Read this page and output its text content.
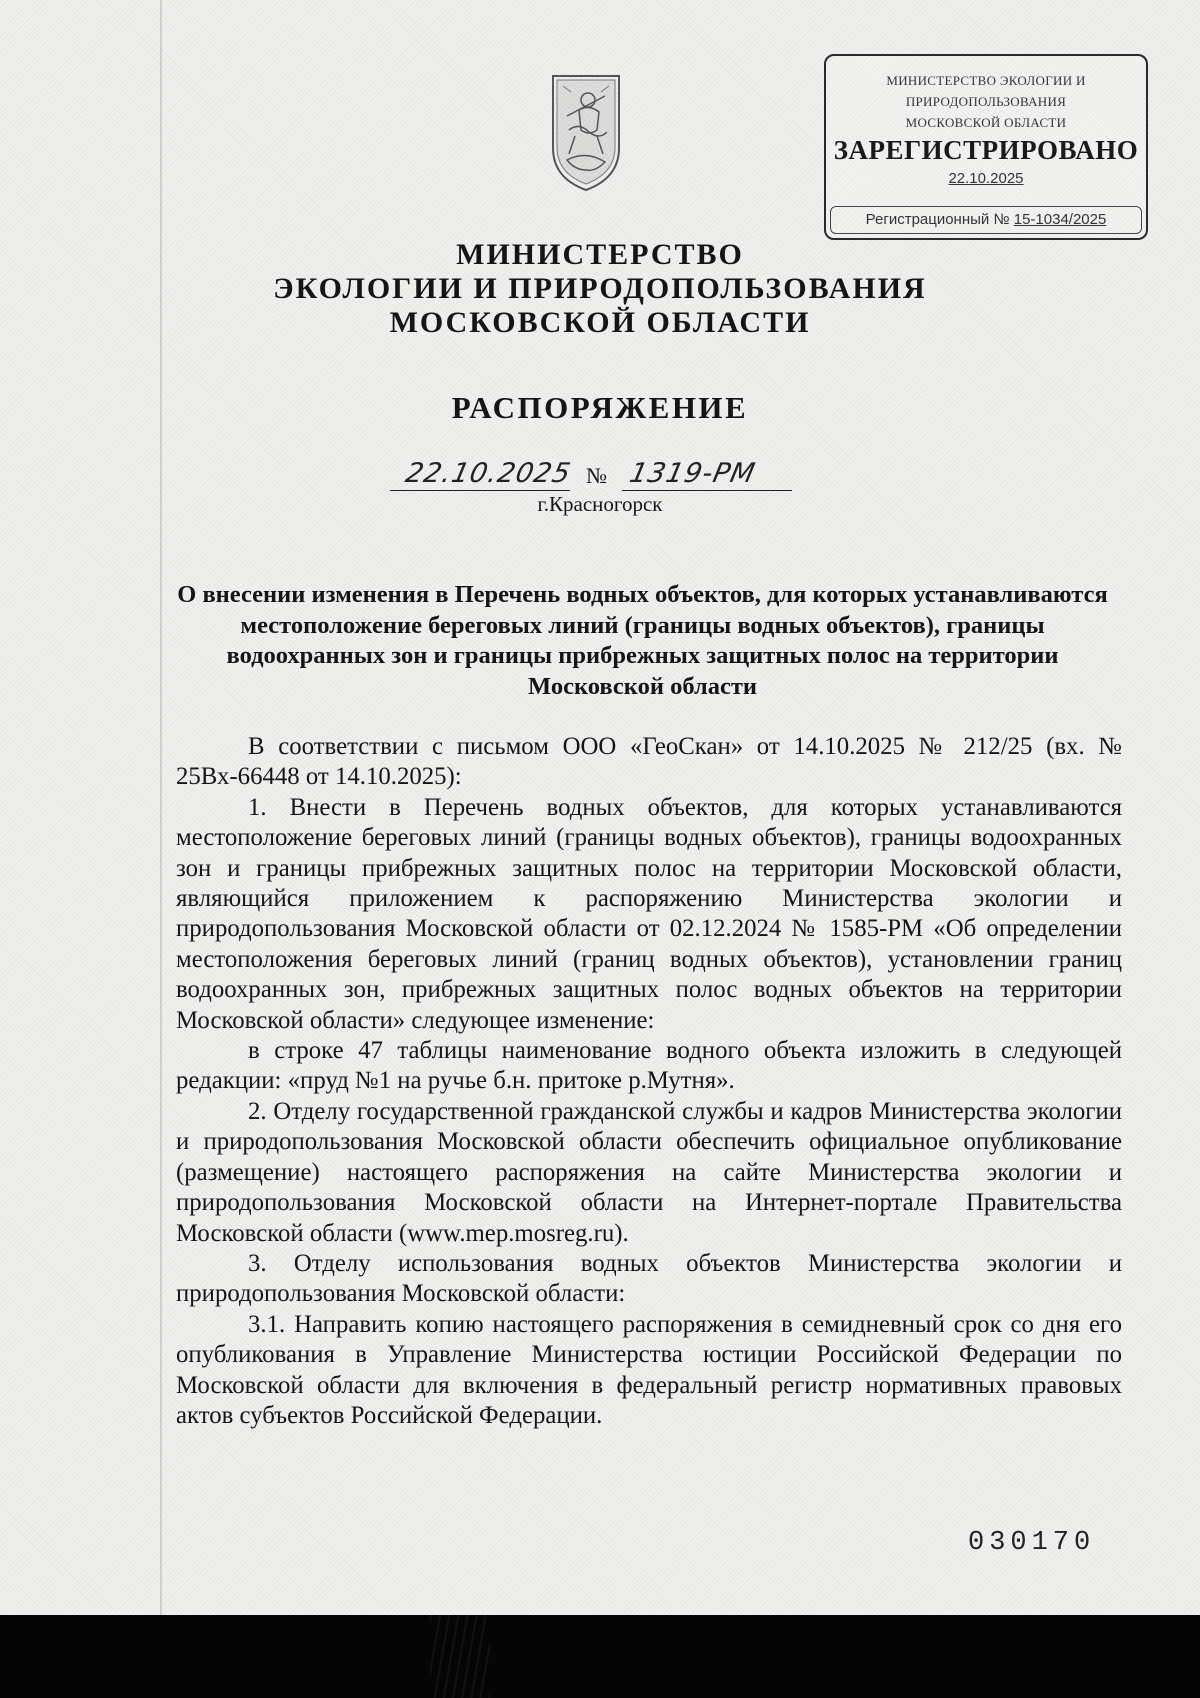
МИНИСТЕРСТВО ЭКОЛОГИИ И
ПРИРОДОПОЛЬЗОВАНИЯ
МОСКОВСКОЙ ОБЛАСТИ
ЗАРЕГИСТРИРОВАНО
22.10.2025
Регистрационный № 15-1034/2025
МИНИСТЕРСТВО
ЭКОЛОГИИ И ПРИРОДОПОЛЬЗОВАНИЯ
МОСКОВСКОЙ ОБЛАСТИ
РАСПОРЯЖЕНИЕ
22.10.2025 № 1319-РМ
г.Красногорск
О внесении изменения в Перечень водных объектов, для которых устанавливаются местоположение береговых линий (границы водных объектов), границы водоохранных зон и границы прибрежных защитных полос на территории Московской области

В соответствии с письмом ООО «ГеоСкан» от 14.10.2025 № 212/25 (вх. № 25Вх-66448 от 14.10.2025):

1. Внести в Перечень водных объектов, для которых устанавливаются местоположение береговых линий (границы водных объектов), границы водоохранных зон и границы прибрежных защитных полос на территории Московской области, являющийся приложением к распоряжению Министерства экологии и природопользования Московской области от 02.12.2024 № 1585-РМ «Об определении местоположения береговых линий (границ водных объектов), установлении границ водоохранных зон, прибрежных защитных полос водных объектов на территории Московской области» следующее изменение:

в строке 47 таблицы наименование водного объекта изложить в следующей редакции: «пруд №1 на ручье б.н. притоке р.Мутня».

2. Отделу государственной гражданской службы и кадров Министерства экологии и природопользования Московской области обеспечить официальное опубликование (размещение) настоящего распоряжения на сайте Министерства экологии и природопользования Московской области на Интернет-портале Правительства Московской области (www.mep.mosreg.ru).

3. Отделу использования водных объектов Министерства экологии и природопользования Московской области:

3.1. Направить копию настоящего распоряжения в семидневный срок со дня его опубликования в Управление Министерства юстиции Российской Федерации по Московской области для включения в федеральный регистр нормативных правовых актов субъектов Российской Федерации.

030170
